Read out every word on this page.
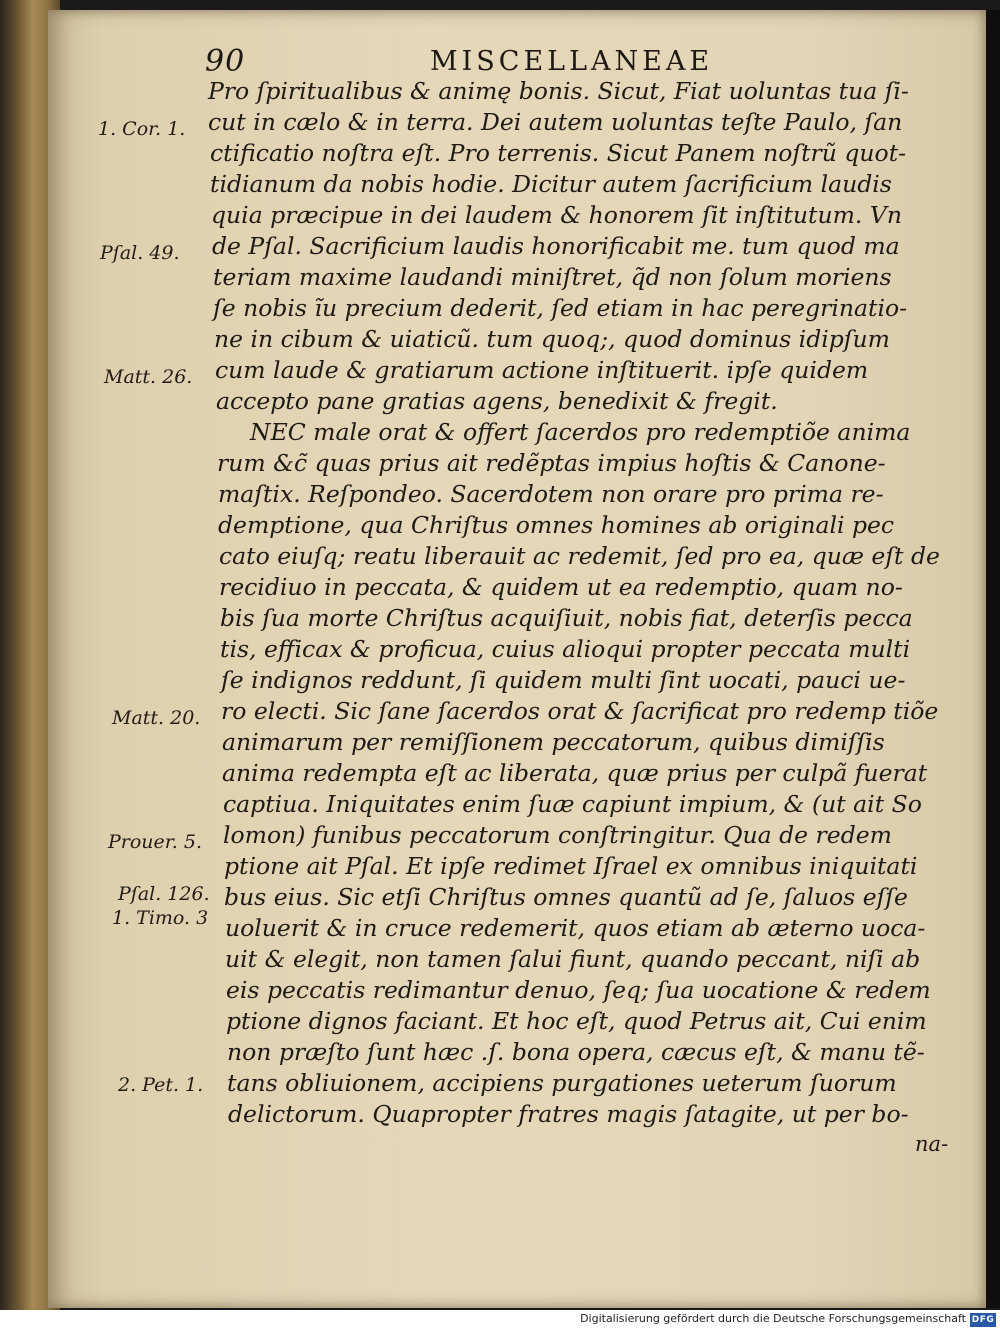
90	MISCELLANEAE
Pro ſpiritualibus & animę bonis. Sicut, Fiat uoluntas tua ſi-
cut in cælo & in terra. Dei autem uoluntas teſte Paulo, ſan
ctificatio noſtra eſt. Pro terrenis. Sicut Panem noſtrũ quot-
tidianum da nobis hodie. Dicitur autem ſacrificium laudis
quia præcipue in dei laudem & honorem ſit inſtitutum. Vn
de Pſal. Sacrificium laudis honorificabit me. tum quod ma
teriam maxime laudandi miniſtret, q̃d non ſolum moriens
ſe nobis ĩu precium dederit, ſed etiam in hac peregrinatio-
ne in cibum & uiaticũ. tum quoq;, quod dominus idipſum
cum laude & gratiarum actione inſtituerit. ipſe quidem
accepto pane gratias agens, benedixit & fregit.
NEC male orat & offert ſacerdos pro redemptiõe anima
rum &c̃ quas prius ait redẽptas impius hoſtis & Canone-
maſtix. Reſpondeo. Sacerdotem non orare pro prima re-
demptione, qua Chriſtus omnes homines ab originali pec
cato eiuſq; reatu liberauit ac redemit, ſed pro ea, quæ eſt de
recidiuo in peccata, & quidem ut ea redemptio, quam no-
bis ſua morte Chriſtus acquiſiuit, nobis fiat, deterſis pecca
tis, efficax & proficua, cuius alioqui propter peccata multi
ſe indignos reddunt, ſi quidem multi ſint uocati, pauci ue-
ro electi. Sic ſane ſacerdos orat & ſacrificat pro redemp tiõe
animarum per remiſſionem peccatorum, quibus dimiſſis
anima redempta eſt ac liberata, quæ prius per culpã fuerat
captiua. Iniquitates enim ſuæ capiunt impium, & (ut ait So
lomon) funibus peccatorum conſtringitur. Qua de redem
ptione ait Pſal. Et ipſe redimet Iſrael ex omnibus iniquitati
bus eius. Sic etſi Chriſtus omnes quantũ ad ſe, ſaluos eſſe
uoluerit & in cruce redemerit, quos etiam ab æterno uoca-
uit & elegit, non tamen ſalui fiunt, quando peccant, niſi ab
eis peccatis redimantur denuo, ſeq; ſua uocatione & redem
ptione dignos faciant. Et hoc eſt, quod Petrus ait, Cui enim
non præſto ſunt hæc .ſ. bona opera, cæcus eſt, & manu tẽ-
tans obliuionem, accipiens purgationes ueterum ſuorum
delictorum. Quapropter fratres magis ſatagite, ut per bo-
na-
1. Cor. 1.
Pſal. 49.
Matt. 26.
Matt. 20.
Prouer. 5.
Pſal. 126.
1. Timo. 3
2. Pet. 1.
Digitalisierung gefördert durch die Deutsche Forschungsgemeinschaft DFG
